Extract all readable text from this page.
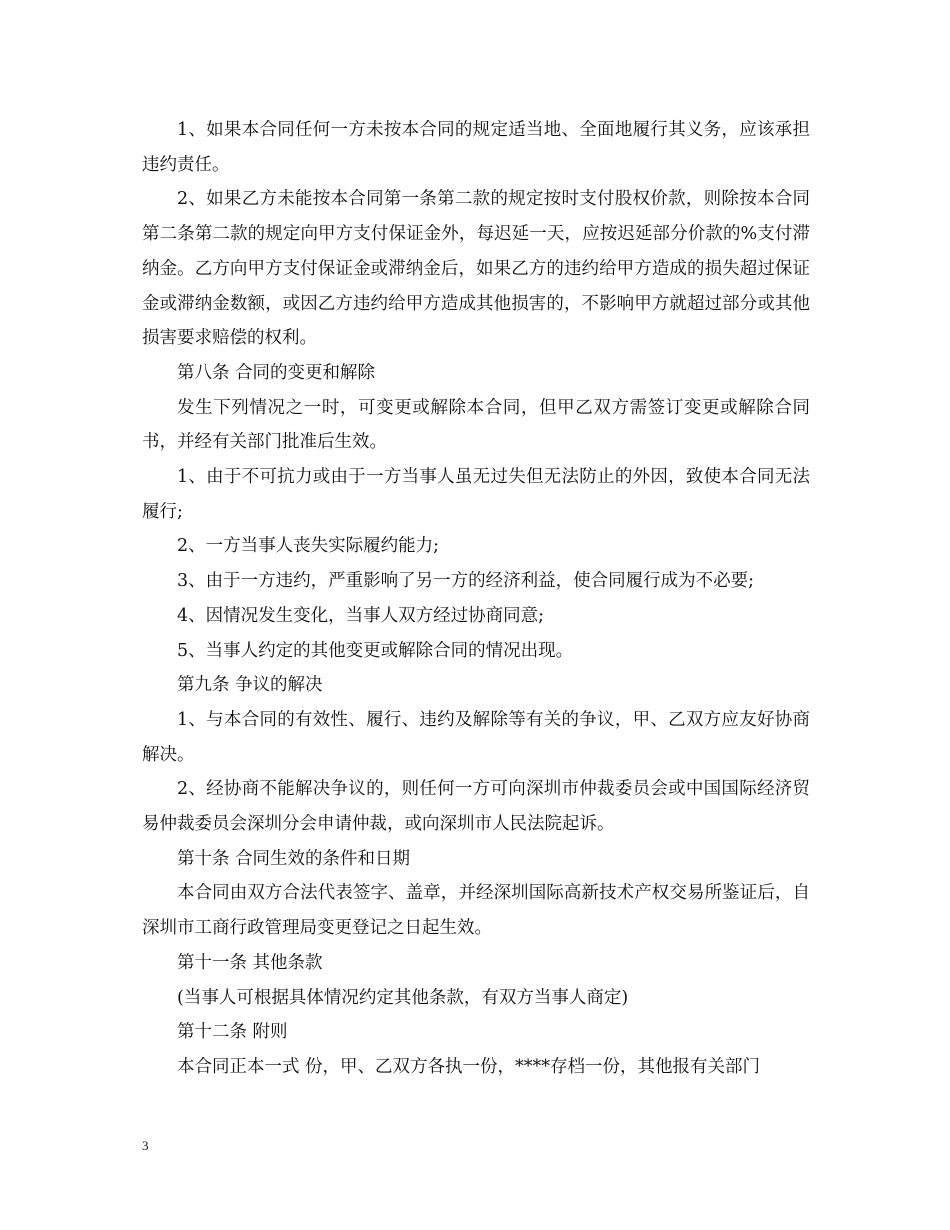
1、如果本合同任何一方未按本合同的规定适当地、全面地履行其义务，应该承担违约责任。

2、如果乙方未能按本合同第一条第二款的规定按时支付股权价款，则除按本合同第二条第二款的规定向甲方支付保证金外，每迟延一天，应按迟延部分价款的%支付滞纳金。乙方向甲方支付保证金或滞纳金后，如果乙方的违约给甲方造成的损失超过保证金或滞纳金数额，或因乙方违约给甲方造成其他损害的，不影响甲方就超过部分或其他损害要求赔偿的权利。

第八条 合同的变更和解除

发生下列情况之一时，可变更或解除本合同，但甲乙双方需签订变更或解除合同书，并经有关部门批准后生效。

1、由于不可抗力或由于一方当事人虽无过失但无法防止的外因，致使本合同无法履行;

2、一方当事人丧失实际履约能力;

3、由于一方违约，严重影响了另一方的经济利益，使合同履行成为不必要;

4、因情况发生变化，当事人双方经过协商同意;

5、当事人约定的其他变更或解除合同的情况出现。

第九条 争议的解决

1、与本合同的有效性、履行、违约及解除等有关的争议，甲、乙双方应友好协商解决。

2、经协商不能解决争议的，则任何一方可向深圳市仲裁委员会或中国国际经济贸易仲裁委员会深圳分会申请仲裁，或向深圳市人民法院起诉。

第十条 合同生效的条件和日期

本合同由双方合法代表签字、盖章，并经深圳国际高新技术产权交易所鉴证后，自深圳市工商行政管理局变更登记之日起生效。

第十一条 其他条款

(当事人可根据具体情况约定其他条款，有双方当事人商定)

第十二条 附则

本合同正本一式 份，甲、乙双方各执一份，****存档一份，其他报有关部门

3
